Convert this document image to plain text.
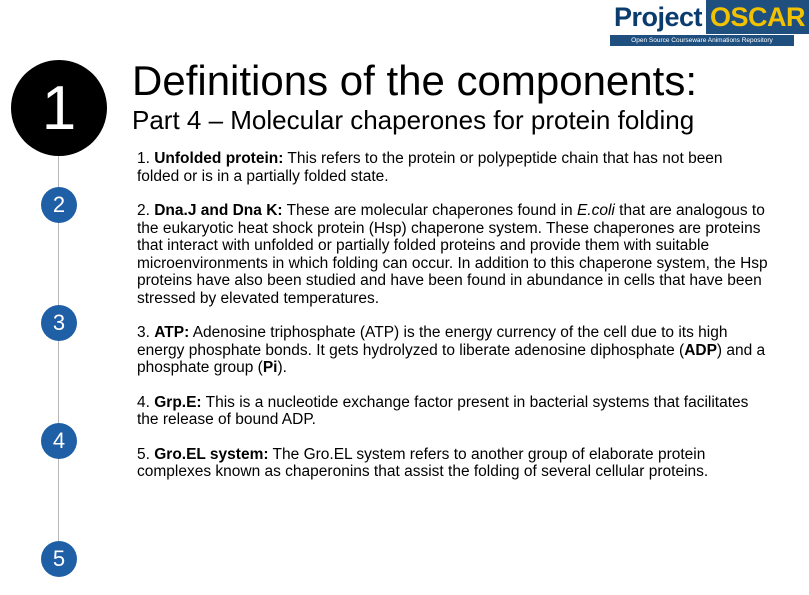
Project OSCAR
Open Source Courseware Animations Repository
1
2
3
4
5
Definitions of the components:
Part 4 – Molecular chaperones for protein folding

1. Unfolded protein: This refers to the protein or polypeptide chain that has not been folded or is in a partially folded state.

2. Dna.J and Dna K: These are molecular chaperones found in E.coli that are analogous to the eukaryotic heat shock protein (Hsp) chaperone system. These chaperones are proteins that interact with unfolded or partially folded proteins and provide them with suitable microenvironments in which folding can occur. In addition to this chaperone system, the Hsp proteins have also been studied and have been found in abundance in cells that have been stressed by elevated temperatures.

3. ATP: Adenosine triphosphate (ATP) is the energy currency of the cell due to its high energy phosphate bonds. It gets hydrolyzed to liberate adenosine diphosphate (ADP) and a phosphate group (Pi).

4. Grp.E: This is a nucleotide exchange factor present in bacterial systems that facilitates the release of bound ADP.

5. Gro.EL system: The Gro.EL system refers to another group of elaborate protein complexes known as chaperonins that assist the folding of several cellular proteins.
